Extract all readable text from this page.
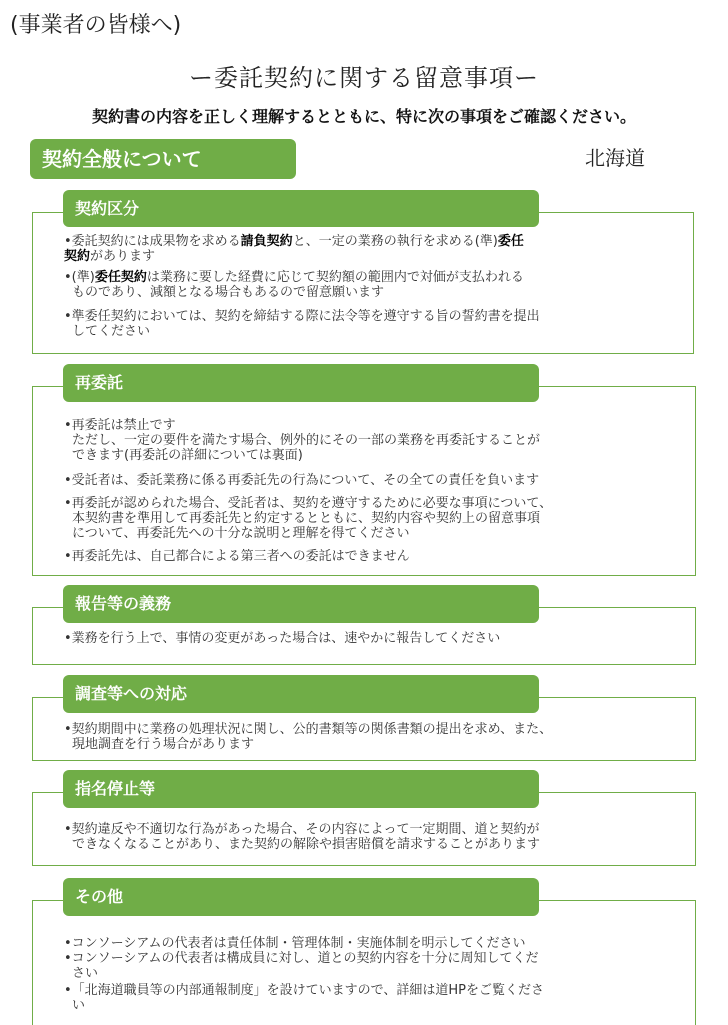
(事業者の皆様へ)
ー委託契約に関する留意事項ー
契約書の内容を正しく理解するとともに、特に次の事項をご確認ください。
北海道
契約全般について
契約区分
•委託契約には成果物を求める請負契約と、一定の業務の執行を求める(準)委任
契約があります
•(準)委任契約は業務に要した経費に応じて契約額の範囲内で対価が支払われる
ものであり、減額となる場合もあるので留意願います
•準委任契約においては、契約を締結する際に法令等を遵守する旨の誓約書を提出
してください
再委託
•再委託は禁止です
ただし、一定の要件を満たす場合、例外的にその一部の業務を再委託することが
できます(再委託の詳細については裏面)
•受託者は、委託業務に係る再委託先の行為について、その全ての責任を負います
•再委託が認められた場合、受託者は、契約を遵守するために必要な事項について、
本契約書を準用して再委託先と約定するとともに、契約内容や契約上の留意事項
について、再委託先への十分な説明と理解を得てください
•再委託先は、自己都合による第三者への委託はできません
報告等の義務
•業務を行う上で、事情の変更があった場合は、速やかに報告してください
調査等への対応
•契約期間中に業務の処理状況に関し、公的書類等の関係書類の提出を求め、また、
現地調査を行う場合があります
指名停止等
•契約違反や不適切な行為があった場合、その内容によって一定期間、道と契約が
できなくなることがあり、また契約の解除や損害賠償を請求することがあります
その他
•コンソーシアムの代表者は責任体制・管理体制・実施体制を明示してください
•コンソーシアムの代表者は構成員に対し、道との契約内容を十分に周知してくだ
さい
•「北海道職員等の内部通報制度」を設けていますので、詳細は道HPをご覧くださ
い
